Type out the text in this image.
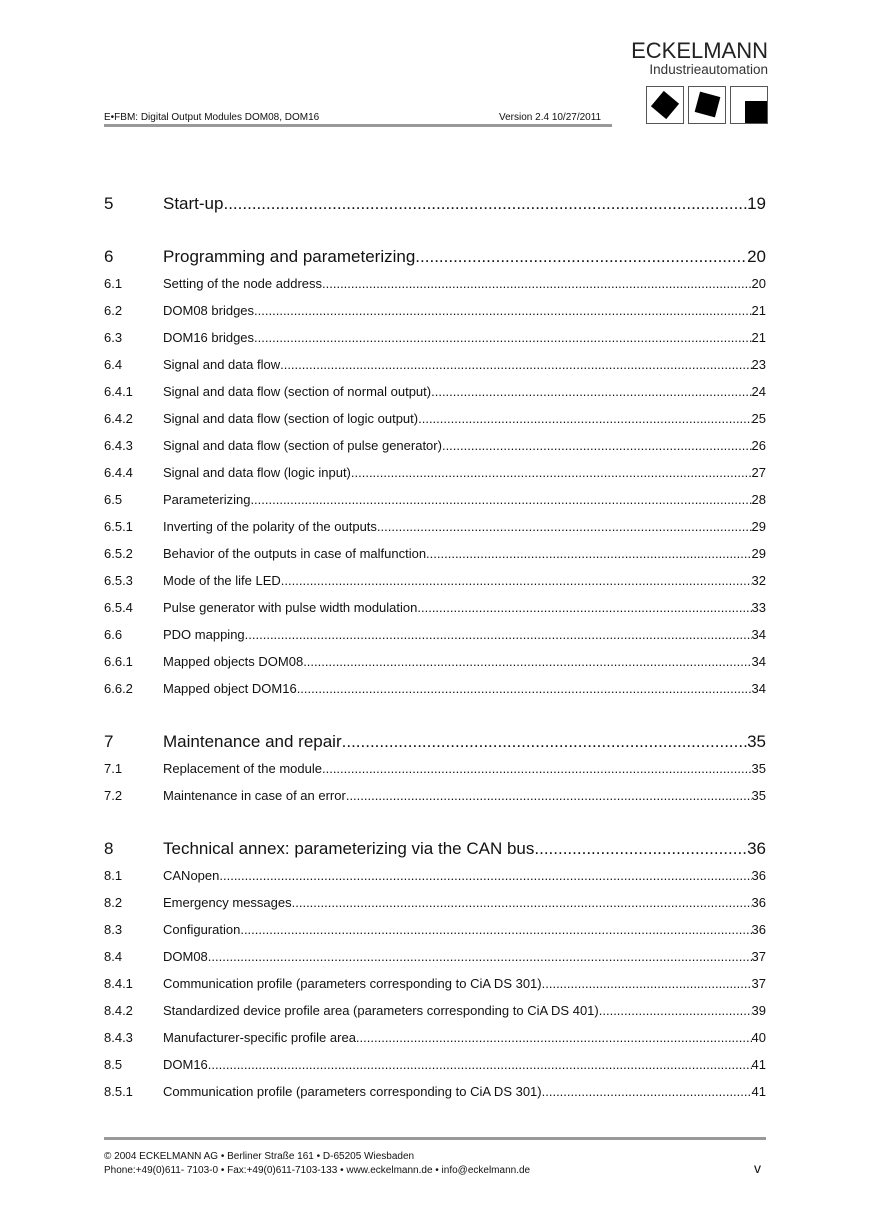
E•FBM: Digital Output Modules DOM08, DOM16	Version 2.4 10/27/2011
ECKELMANN
Industrieautomation
5	Start-up .....	19
6	Programming and parameterizing .....	20
6.1	Setting of the node address .....	20
6.2	DOM08 bridges .....	21
6.3	DOM16 bridges .....	21
6.4	Signal and data flow .....	23
6.4.1	Signal and data flow (section of normal output) .....	24
6.4.2	Signal and data flow (section of logic output) .....	25
6.4.3	Signal and data flow (section of pulse generator) .....	26
6.4.4	Signal and data flow (logic input) .....	27
6.5	Parameterizing .....	28
6.5.1	Inverting of the polarity of the outputs .....	29
6.5.2	Behavior of the outputs in case of malfunction .....	29
6.5.3	Mode of the life LED .....	32
6.5.4	Pulse generator with pulse width modulation .....	33
6.6	PDO mapping .....	34
6.6.1	Mapped objects DOM08 .....	34
6.6.2	Mapped object DOM16 .....	34
7	Maintenance and repair .....	35
7.1	Replacement of the module .....	35
7.2	Maintenance in case of an error .....	35
8	Technical annex: parameterizing via the CAN bus .....	36
8.1	CANopen .....	36
8.2	Emergency messages .....	36
8.3	Configuration .....	36
8.4	DOM08 .....	37
8.4.1	Communication profile (parameters corresponding to CiA DS 301) .....	37
8.4.2	Standardized device profile area (parameters corresponding to CiA DS 401) .....	39
8.4.3	Manufacturer-specific profile area .....	40
8.5	DOM16 .....	41
8.5.1	Communication profile (parameters corresponding to CiA DS 301) .....	41
© 2004 ECKELMANN AG • Berliner Straße 161 • D-65205 Wiesbaden
Phone:+49(0)611- 7103-0 • Fax:+49(0)611-7103-133 • www.eckelmann.de • info@eckelmann.de	v
